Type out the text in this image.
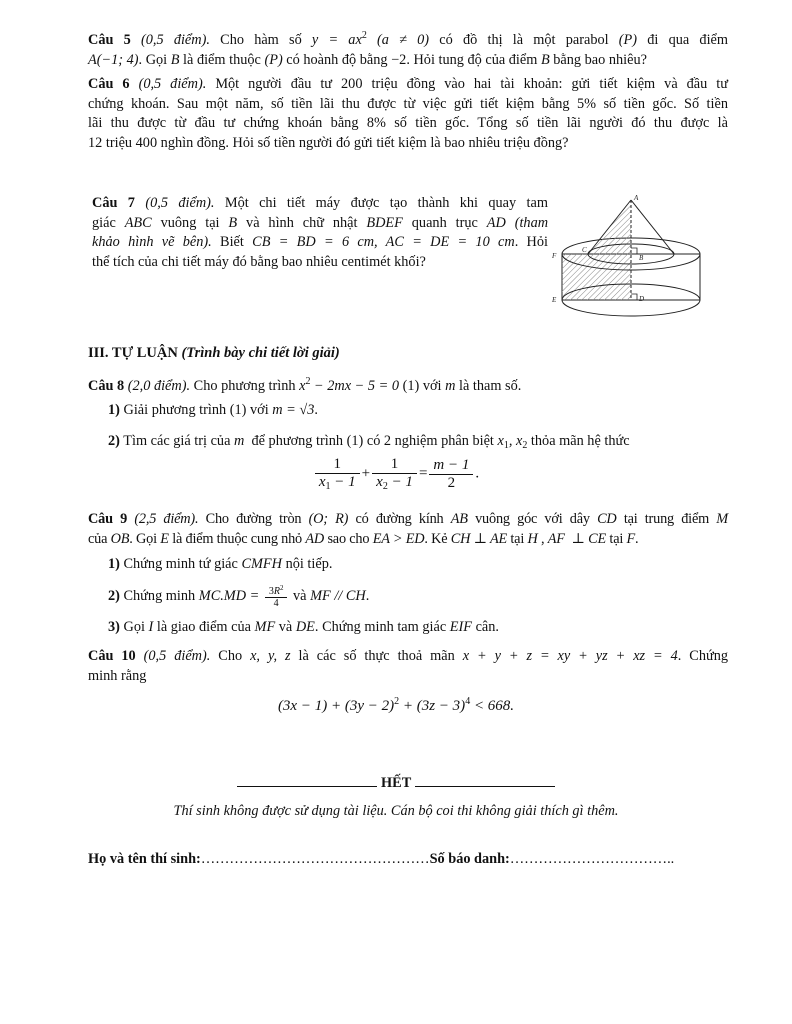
Câu 5 (0,5 điểm). Cho hàm số $y = ax^2$ (a ≠ 0) có đồ thị là một parabol (P) đi qua điểm
A(−1; 4). Gọi B là điểm thuộc (P) có hoành độ bằng −2. Hỏi tung độ của điểm B bằng bao nhiêu?
Câu 6 (0,5 điểm). Một người đầu tư 200 triệu đồng vào hai tài khoản: gửi tiết kiệm và đầu tư
chứng khoán. Sau một năm, số tiền lãi thu được từ việc gửi tiết kiệm bằng 5% số tiền gốc. Số tiền
lãi thu được từ đầu tư chứng khoán bằng 8% số tiền gốc. Tổng số tiền lãi người đó thu được là
12 triệu 400 nghìn đồng. Hỏi số tiền người đó gửi tiết kiệm là bao nhiêu triệu đồng?
Câu 7 (0,5 điểm). Một chi tiết máy được tạo thành khi quay tam
giác ABC vuông tại B và hình chữ nhật BDEF quanh trục AD (tham
khảo hình vẽ bên). Biết CB = BD = 6 cm, AC = DE = 10 cm. Hỏi
thể tích của chi tiết máy đó bằng bao nhiêu centimét khối?
A
C
B
F
E	D
III. TỰ LUẬN (Trình bày chi tiết lời giải)
Câu 8 (2,0 điểm). Cho phương trình $x^2 - 2mx - 5 = 0$ (1) với m là tham số.
1) Giải phương trình (1) với m = √3.
2) Tìm các giá trị của m để phương trình (1) có 2 nghiệm phân biệt $x_1$, $x_2$ thỏa mãn hệ thức
$\frac{1}{x_1 - 1} + \frac{1}{x_2 - 1} = \frac{m - 1}{2}$ .
Câu 9 (2,5 điểm). Cho đường tròn (O; R) có đường kính AB vuông góc với dây CD tại trung điểm M
của OB. Gọi E là điểm thuộc cung nhỏ AD sao cho EA > ED. Kẻ CH ⊥ AE tại H , AF  ⊥ CE tại F.
1) Chứng minh tứ giác CMFH nội tiếp.
2) Chứng minh $MC.MD = \frac{3R^2}{4}$ và MF // CH.
3) Gọi I là giao điểm của MF và DE. Chứng minh tam giác EIF cân.
Câu 10 (0,5 điểm). Cho x, y, z là các số thực thoả mãn x + y + z = xy + yz + xz = 4. Chứng
minh rằng
$(3x - 1) + (3y - 2)^2 + (3z - 3)^4 < 668$.
HẾT
Thí sinh không được sử dụng tài liệu. Cán bộ coi thi không giải thích gì thêm.
Họ và tên thí sinh:…………………………………………Số báo danh:……………………………..
